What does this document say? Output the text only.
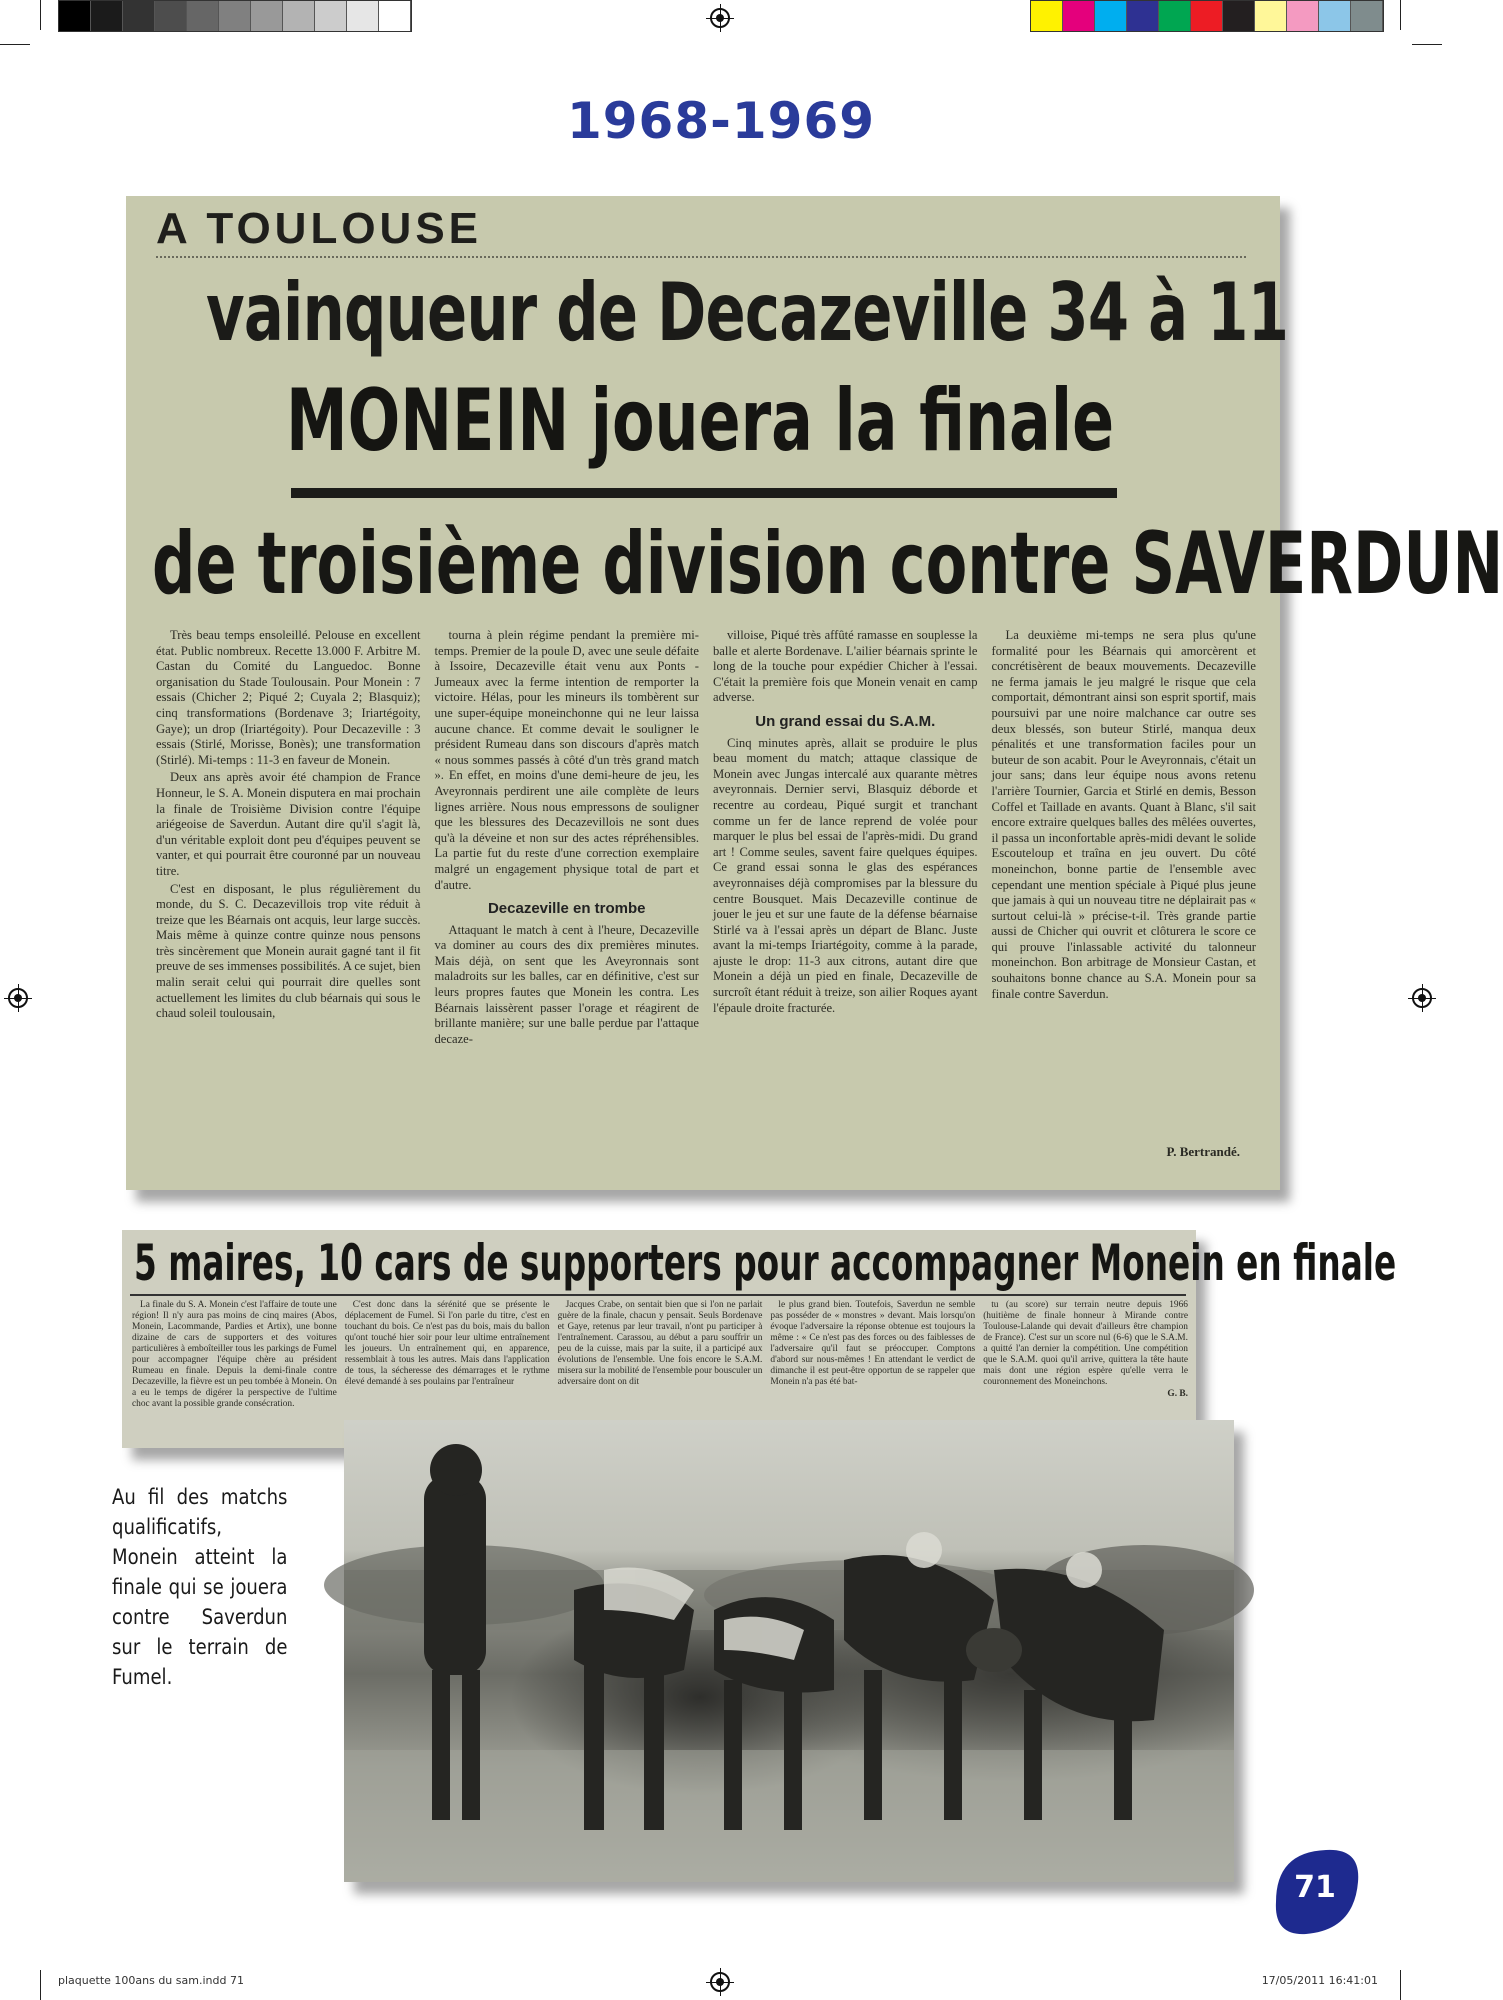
1968-1969
A TOULOUSE
vainqueur de Decazeville 34 à 11
MONEIN jouera la finale
de troisième division contre SAVERDUN

Très beau temps ensoleillé. Pelouse en excellent état. Public nombreux. Recette 13.000 F. Arbitre M. Castan du Comité du Languedoc. Bonne organisation du Stade Toulousain. Pour Monein : 7 essais (Chicher 2; Piqué 2; Cuyala 2; Blasquiz); cinq transformations (Bordenave 3; Iriartégoity, Gaye); un drop (Iriartégoity). Pour Decazeville : 3 essais (Stirlé, Morisse, Bonès); une transformation (Stirlé). Mi-temps : 11-3 en faveur de Monein.

Deux ans après avoir été champion de France Honneur, le S. A. Monein disputera en mai prochain la finale de Troisième Division contre l'équipe ariégeoise de Saverdun. Autant dire qu'il s'agit là, d'un véritable exploit dont peu d'équipes peuvent se vanter, et qui pourrait être couronné par un nouveau titre.

C'est en disposant, le plus régulièrement du monde, du S. C. Decazevillois trop vite réduit à treize que les Béarnais ont acquis, leur large succès. Mais même à quinze contre quinze nous pensons très sincèrement que Monein aurait gagné tant il fit preuve de ses immenses possibilités. A ce sujet, bien malin serait celui qui pourrait dire quelles sont actuellement les limites du club béarnais qui sous le chaud soleil toulousain,

tourna à plein régime pendant la première mi-temps. Premier de la poule D, avec une seule défaite à Issoire, Decazeville était venu aux Ponts - Jumeaux avec la ferme intention de remporter la victoire. Hélas, pour les mineurs ils tombèrent sur une super-équipe moneinchonne qui ne leur laissa aucune chance. Et comme devait le souligner le président Rumeau dans son discours d'après match « nous sommes passés à côté d'un très grand match ». En effet, en moins d'une demi-heure de jeu, les Aveyronnais perdirent une aile complète de leurs lignes arrière. Nous nous empressons de souligner que les blessures des Decazevillois ne sont dues qu'à la déveine et non sur des actes répréhensibles. La partie fut du reste d'une correction exemplaire malgré un engagement physique total de part et d'autre.

Decazeville en trombe

Attaquant le match à cent à l'heure, Decazeville va dominer au cours des dix premières minutes. Mais déjà, on sent que les Aveyronnais sont maladroits sur les balles, car en définitive, c'est sur leurs propres fautes que Monein les contra. Les Béarnais laissèrent passer l'orage et réagirent de brillante manière; sur une balle perdue par l'attaque decaze-

villoise, Piqué très affûté ramasse en souplesse la balle et alerte Bordenave. L'ailier béarnais sprinte le long de la touche pour expédier Chicher à l'essai. C'était la première fois que Monein venait en camp adverse.

Un grand essai du S.A.M.

Cinq minutes après, allait se produire le plus beau moment du match; attaque classique de Monein avec Jungas intercalé aux quarante mètres aveyronnais. Dernier servi, Blasquiz déborde et recentre au cordeau, Piqué surgit et tranchant comme un fer de lance reprend de volée pour marquer le plus bel essai de l'après-midi. Du grand art ! Comme seules, savent faire quelques équipes. Ce grand essai sonna le glas des espérances aveyronnaises déjà compromises par la blessure du centre Bousquet. Mais Decazeville continue de jouer le jeu et sur une faute de la défense béarnaise Stirlé va à l'essai après un départ de Blanc. Juste avant la mi-temps Iriartégoity, comme à la parade, ajuste le drop: 11-3 aux citrons, autant dire que Monein a déjà un pied en finale, Decazeville de surcroît étant réduit à treize, son ailier Roques ayant l'épaule droite fracturée.

La deuxième mi-temps ne sera plus qu'une formalité pour les Béarnais qui amorcèrent et concrétisèrent de beaux mouvements. Decazeville ne ferma jamais le jeu malgré le risque que cela comportait, démontrant ainsi son esprit sportif, mais poursuivi par une noire malchance car outre ses deux blessés, son buteur Stirlé, manqua deux pénalités et une transformation faciles pour un buteur de son acabit. Pour le Aveyronnais, c'était un jour sans; dans leur équipe nous avons retenu l'arrière Tournier, Garcia et Stirlé en demis, Besson Coffel et Taillade en avants. Quant à Blanc, s'il sait encore extraire quelques balles des mêlées ouvertes, il passa un inconfortable après-midi devant le solide Escouteloup et traîna en jeu ouvert. Du côté moneinchon, bonne partie de l'ensemble avec cependant une mention spéciale à Piqué plus jeune que jamais à qui un nouveau titre ne déplairait pas « surtout celui-là » précise-t-il. Très grande partie aussi de Chicher qui ouvrit et clôturera le score ce qui prouve l'inlassable activité du talonneur moneinchon. Bon arbitrage de Monsieur Castan, et souhaitons bonne chance au S.A. Monein pour sa finale contre Saverdun.

P. Bertrandé.
5 maires, 10 cars de supporters pour accompagner Monein en finale

La finale du S. A. Monein c'est l'affaire de toute une région! Il n'y aura pas moins de cinq maires (Abos, Monein, Lacommande, Pardies et Artix), une bonne dizaine de cars de supporters et des voitures particulières à emboîteiller tous les parkings de Fumel pour accompagner l'équipe chère au président Rumeau en finale. Depuis la demi-finale contre Decazeville, la fièvre est un peu tombée à Monein. On a eu le temps de digérer la perspective de l'ultime choc avant la possible grande consécration.

C'est donc dans la sérénité que se présente le déplacement de Fumel. Si l'on parle du titre, c'est en touchant du bois. Ce n'est pas du bois, mais du ballon qu'ont touché hier soir pour leur ultime entraînement les joueurs. Un entraînement qui, en apparence, ressemblait à tous les autres. Mais dans l'application de tous, la sécheresse des démarrages et le rythme élevé demandé à ses poulains par l'entraîneur

Jacques Crabe, on sentait bien que si l'on ne parlait guère de la finale, chacun y pensait. Seuls Bordenave et Gaye, retenus par leur travail, n'ont pu participer à l'entraînement. Carassou, au début a paru souffrir un peu de la cuisse, mais par la suite, il a participé aux évolutions de l'ensemble. Une fois encore le S.A.M. misera sur la mobilité de l'ensemble pour bousculer un adversaire dont on dit

le plus grand bien. Toutefois, Saverdun ne semble pas posséder de « monstres » devant. Mais lorsqu'on évoque l'adversaire la réponse obtenue est toujours la même : « Ce n'est pas des forces ou des faiblesses de l'adversaire qu'il faut se préoccuper. Comptons d'abord sur nous-mêmes ! En attendant le verdict de dimanche il est peut-être opportun de se rappeler que Monein n'a pas été bat-

tu (au score) sur terrain neutre depuis 1966 (huitième de finale honneur à Mirande contre Toulouse-Lalande qui devait d'ailleurs être champion de France). C'est sur un score nul (6-6) que le S.A.M. a quitté l'an dernier la compétition. Une compétition que le S.A.M. quoi qu'il arrive, quittera la tête haute mais dont une région espère qu'elle verra le couronnement des Moneinchons.

G. B.

Au fil des matchs qualificatifs, Monein atteint la finale qui se jouera contre Saverdun sur le terrain de Fumel.
71
plaquette 100ans du sam.indd 71	17/05/2011 16:41:01
